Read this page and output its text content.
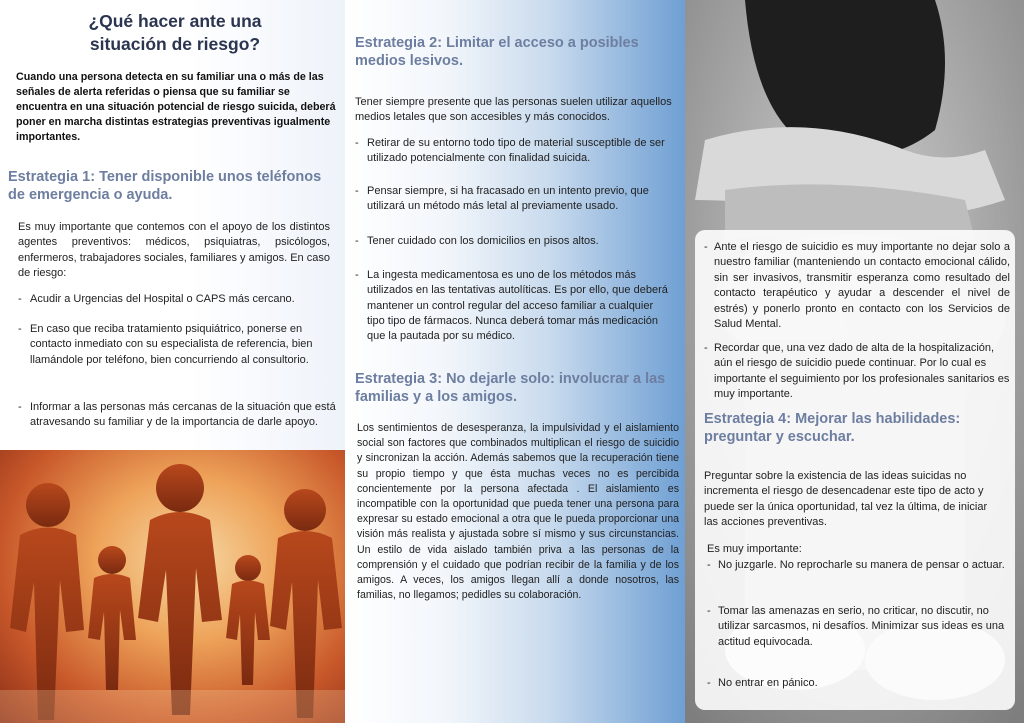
¿Qué hacer ante una
situación de riesgo?

Cuando una persona detecta en su familiar una o más de las señales de alerta referidas o piensa que su familiar se encuentra en una situación potencial de riesgo suicida, deberá poner en marcha distintas estrategias preventivas igualmente importantes.

Estrategia 1: Tener disponible unos teléfonos de emergencia o ayuda.

Es muy importante que contemos con el apoyo de los distintos agentes preventivos: médicos, psiquiatras, psicólogos, enfermeros, trabajadores sociales, familiares y amigos. En caso de riesgo:

- Acudir a Urgencias del Hospital o CAPS más cercano.
- En caso que reciba tratamiento psiquiátrico, ponerse en contacto inmediato con su especialista de referencia, bien llamándole por teléfono, bien concurriendo al consultorio.
- Informar a las personas más cercanas de la situación que está atravesando su familiar y de la importancia de darle apoyo.
Estrategia 2: Limitar el acceso a posibles medios lesivos.

Tener siempre presente que las personas suelen utilizar aquellos medios letales que son accesibles y más conocidos.

- Retirar de su entorno todo tipo de material susceptible de ser utilizado potencialmente con finalidad suicida.
- Pensar siempre, si ha fracasado en un intento previo, que utilizará un método más letal al previamente usado.
- Tener cuidado con los domicilios en pisos altos.
- La ingesta medicamentosa es uno de los métodos más utilizados en las tentativas autolíticas. Es por ello, que deberá mantener un control regular del acceso familiar a cualquier tipo tipo de fármacos. Nunca deberá tomar más medicación que la pautada por su médico.
Estrategia 3: No dejarle solo: involucrar a las familias y a los amigos.

Los sentimientos de desesperanza, la impulsividad y el aislamiento social son factores que combinados multiplican el riesgo de suicidio y sincronizan la acción. Además sabemos que la recuperación tiene su propio tiempo y que ésta muchas veces no es percibida concientemente por la persona afectada . El aislamiento es incompatible con la oportunidad que pueda tener una persona para expresar su estado emocional a otra que le pueda proporcionar una visión más realista y ajustada sobre sí mismo y sus circunstancias. Un estilo de vida aislado también priva a las personas de la comprensión y el cuidado que podrían recibir de la familia y de los amigos. A veces, los amigos llegan allí a donde nosotros, las familias, no llegamos; pedidles su colaboración.

- Ante el riesgo de suicidio es muy importante no dejar solo a nuestro familiar (manteniendo un contacto emocional cálido, sin ser invasivos, transmitir esperanza como resultado del contacto terapéutico y ayudar a descender el nivel de estrés) y ponerlo pronto en contacto con los Servicios de Salud Mental.
- Recordar que, una vez dado de alta de la hospitalización, aún el riesgo de suicidio puede continuar. Por lo cual es importante el seguimiento por los profesionales sanitarios es muy importante.
Estrategia 4: Mejorar las habilidades: preguntar y escuchar.

Preguntar sobre la existencia de las ideas suicidas no incrementa el riesgo de desencadenar este tipo de acto y puede ser la única oportunidad, tal vez la última, de iniciar las acciones preventivas.

Es muy importante:

- No juzgarle. No reprocharle su manera de pensar o actuar.
- Tomar las amenazas en serio, no criticar, no discutir, no utilizar sarcasmos, ni desafíos. Minimizar sus ideas es una actitud equivocada.
- No entrar en pánico.
